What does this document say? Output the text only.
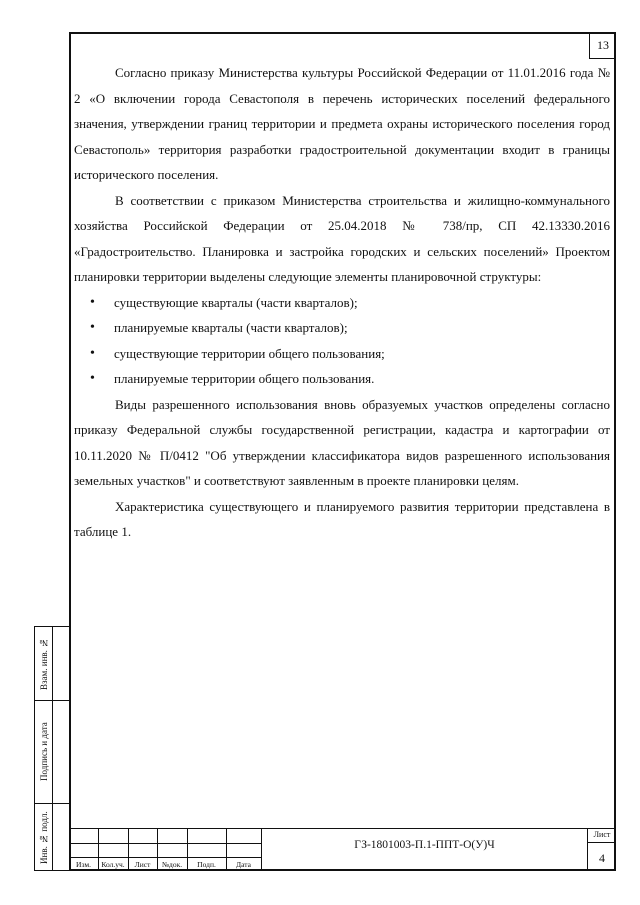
13

Согласно приказу Министерства культуры Российской Федерации от 11.01.2016 года № 2 «О включении города Севастополя в перечень исторических поселений федерального значения, утверждении границ территории и предмета охраны исторического поселения город Севастополь» территория разработки градостроительной документации входит в границы исторического поселения.

В соответствии с приказом Министерства строительства и жилищно-коммунального хозяйства Российской Федерации от 25.04.2018 № 738/пр, СП 42.13330.2016 «Градостроительство. Планировка и застройка городских и сельских поселений» Проектом планировки территории выделены следующие элементы планировочной структуры:

• существующие кварталы (части кварталов);
• планируемые кварталы (части кварталов);
• существующие территории общего пользования;
• планируемые территории общего пользования.

Виды разрешенного использования вновь образуемых участков определены согласно приказу Федеральной службы государственной регистрации, кадастра и картографии от 10.11.2020 № П/0412 "Об утверждении классификатора видов разрешенного использования земельных участков" и соответствуют заявленным в проекте планировки целям.

Характеристика существующего и планируемого развития территории представлена в таблице 1.

Взам. инв. №
Подпись и дата
Инв. № подл.
Изм.	Кол.уч.	Лист	№док.	Подп.	Дата
ГЗ-1801003-П.1-ППТ-О(У)Ч
Лист
4
